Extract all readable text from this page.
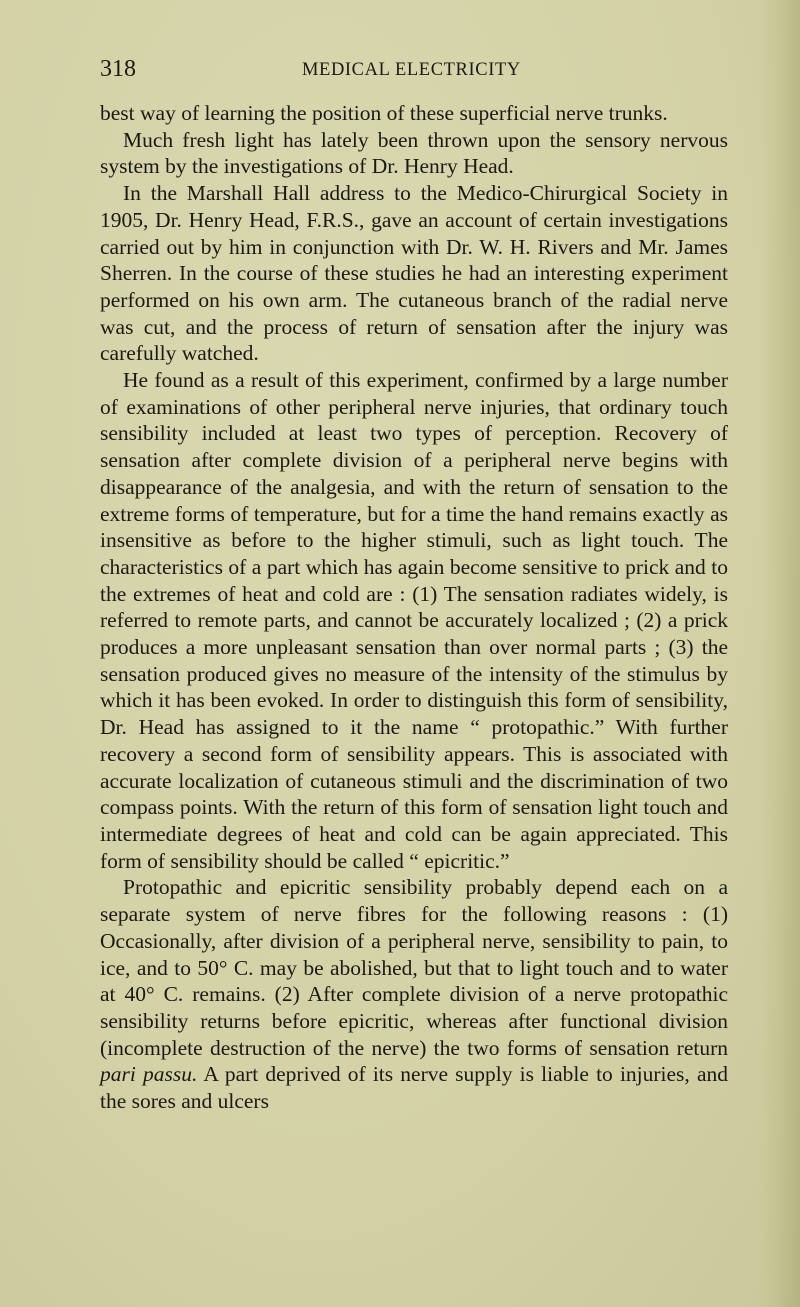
318	MEDICAL ELECTRICITY

best way of learning the position of these superficial nerve trunks.

Much fresh light has lately been thrown upon the sensory nervous system by the investigations of Dr. Henry Head.

In the Marshall Hall address to the Medico-Chirurgical Society in 1905, Dr. Henry Head, F.R.S., gave an account of certain investigations carried out by him in conjunction with Dr. W. H. Rivers and Mr. James Sherren. In the course of these studies he had an interesting experiment performed on his own arm. The cutaneous branch of the radial nerve was cut, and the process of return of sensation after the injury was carefully watched.

He found as a result of this experiment, confirmed by a large number of examinations of other peripheral nerve injuries, that ordinary touch sensibility included at least two types of perception. Recovery of sensation after complete division of a peripheral nerve begins with disappearance of the analgesia, and with the return of sensation to the extreme forms of temperature, but for a time the hand remains exactly as insensitive as before to the higher stimuli, such as light touch. The characteristics of a part which has again become sensitive to prick and to the extremes of heat and cold are : (1) The sensation radiates widely, is referred to remote parts, and cannot be accurately localized ; (2) a prick produces a more unpleasant sensation than over normal parts ; (3) the sensation produced gives no measure of the intensity of the stimulus by which it has been evoked. In order to distinguish this form of sensibility, Dr. Head has assigned to it the name “ protopathic.” With further recovery a second form of sensibility appears. This is associated with accurate localization of cutaneous stimuli and the discrimination of two compass points. With the return of this form of sensation light touch and intermediate degrees of heat and cold can be again appreciated. This form of sensibility should be called “ epicritic.”

Protopathic and epicritic sensibility probably depend each on a separate system of nerve fibres for the following reasons : (1) Occasionally, after division of a peripheral nerve, sensibility to pain, to ice, and to 50° C. may be abolished, but that to light touch and to water at 40° C. remains. (2) After complete division of a nerve protopathic sensibility returns before epicritic, whereas after functional division (incomplete destruction of the nerve) the two forms of sensation return pari passu. A part deprived of its nerve supply is liable to injuries, and the sores and ulcers
